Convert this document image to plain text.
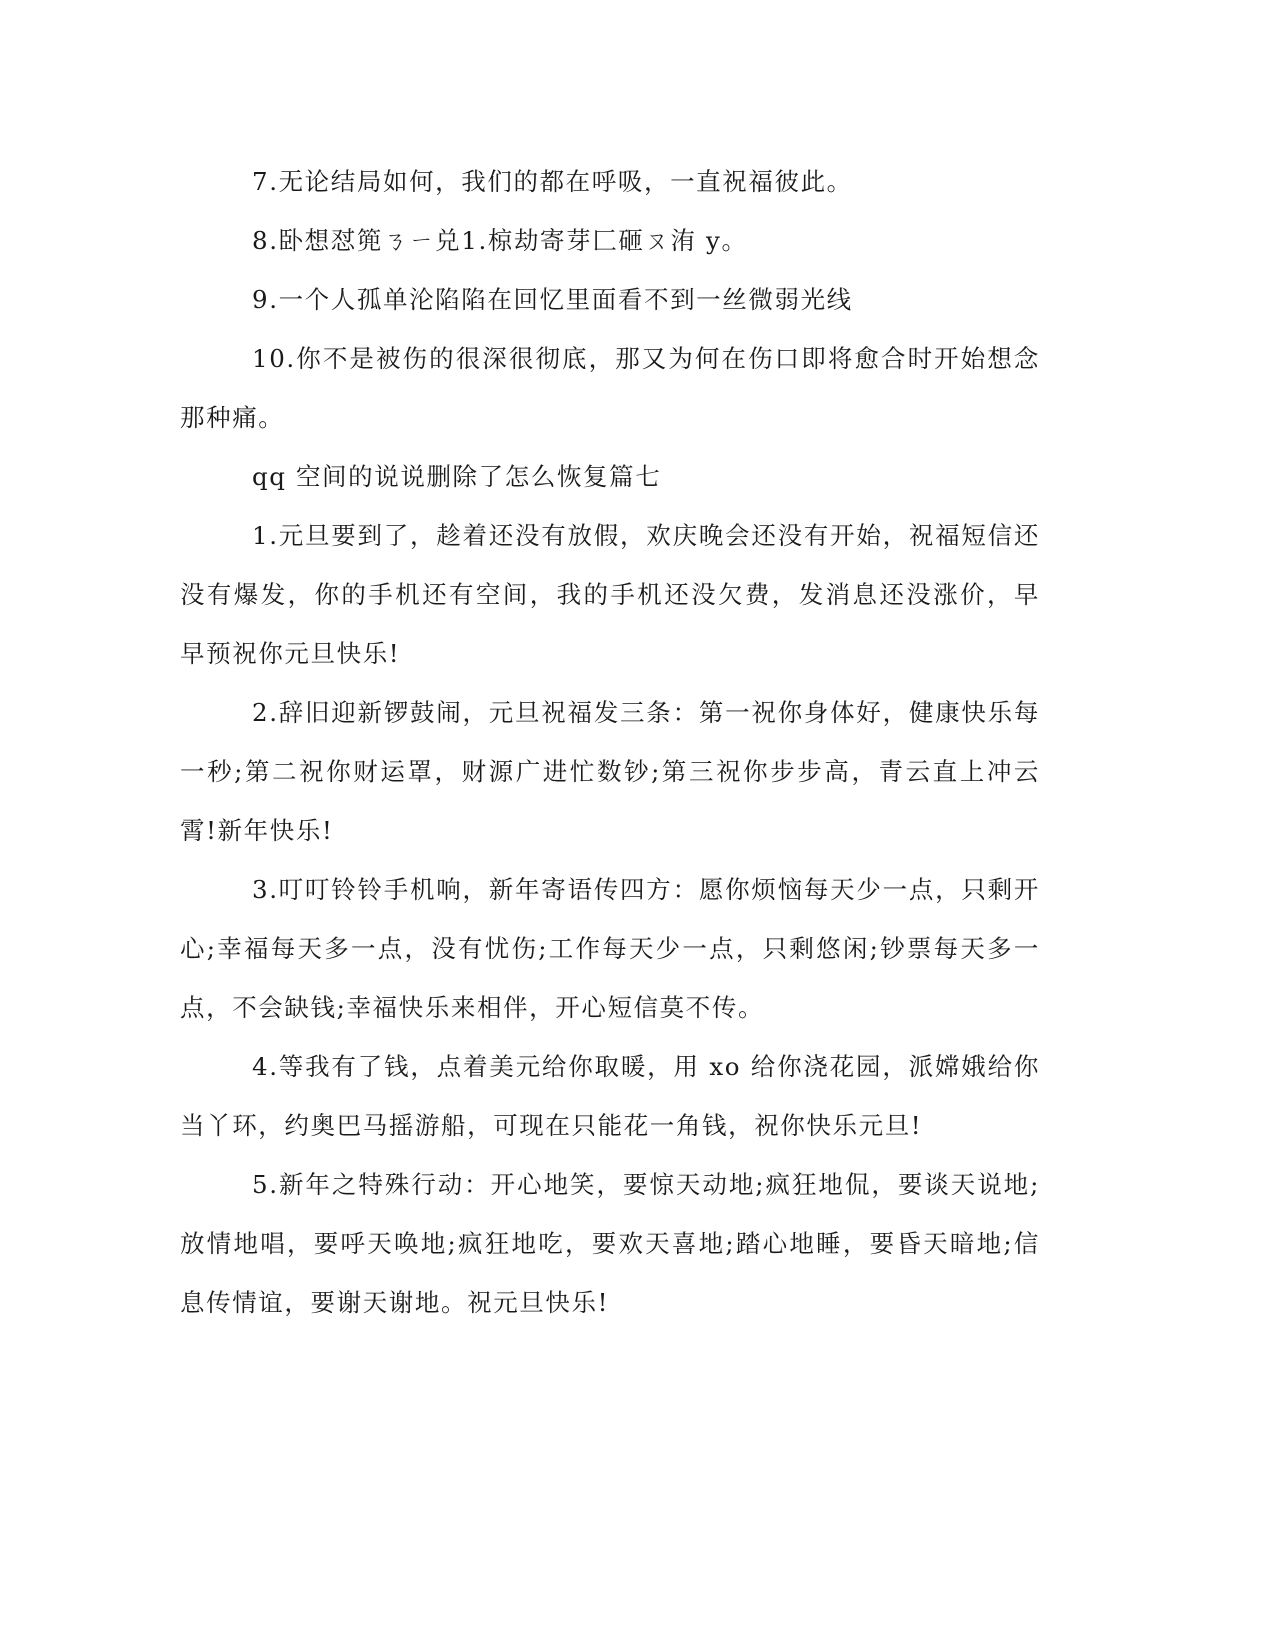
7.无论结局如何，我们的都在呼吸，一直祝福彼此。

8.卧想怼篼ㄋㄧ兑1.椋劫寄芽匚砸ㄡ洧 y。

9.一个人孤单沦陷陷在回忆里面看不到一丝微弱光线

10.你不是被伤的很深很彻底，那又为何在伤口即将愈合时开始想念那种痛。

qq 空间的说说删除了怎么恢复篇七

1.元旦要到了，趁着还没有放假，欢庆晚会还没有开始，祝福短信还没有爆发，你的手机还有空间，我的手机还没欠费，发消息还没涨价，早早预祝你元旦快乐!

2.辞旧迎新锣鼓闹，元旦祝福发三条：第一祝你身体好，健康快乐每一秒;第二祝你财运罩，财源广进忙数钞;第三祝你步步高，青云直上冲云霄!新年快乐!

3.叮叮铃铃手机响，新年寄语传四方：愿你烦恼每天少一点，只剩开心;幸福每天多一点，没有忧伤;工作每天少一点，只剩悠闲;钞票每天多一点，不会缺钱;幸福快乐来相伴，开心短信莫不传。

4.等我有了钱，点着美元给你取暖，用 xo 给你浇花园，派嫦娥给你当丫环，约奥巴马摇游船，可现在只能花一角钱，祝你快乐元旦!

5.新年之特殊行动：开心地笑，要惊天动地;疯狂地侃，要谈天说地;放情地唱，要呼天唤地;疯狂地吃，要欢天喜地;踏心地睡，要昏天暗地;信息传情谊，要谢天谢地。祝元旦快乐!
